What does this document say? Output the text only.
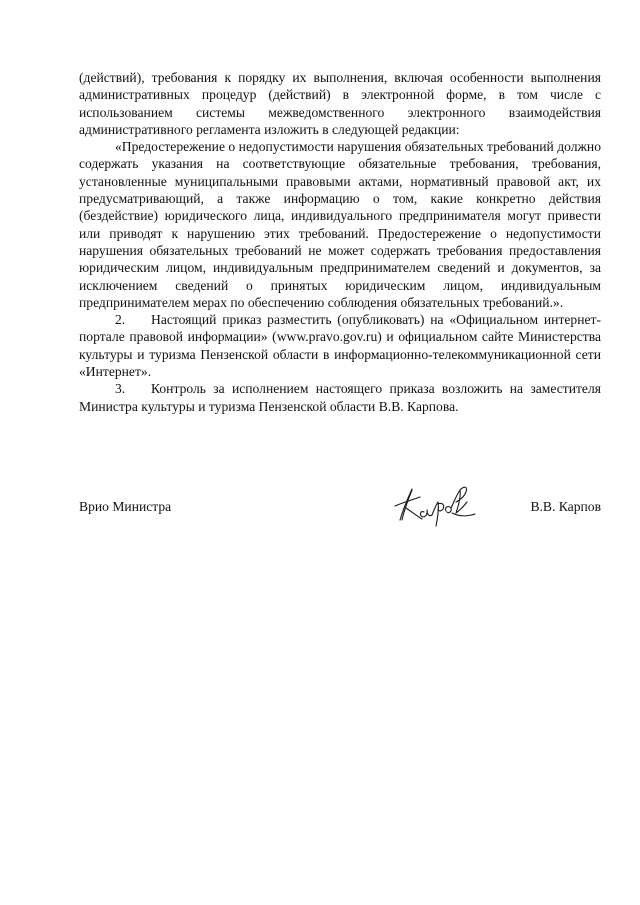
(действий), требования к порядку их выполнения, включая особенности выполнения административных процедур (действий) в электронной форме, в том числе с использованием системы межведомственного электронного взаимодействия административного регламента изложить в следующей редакции:

«Предостережение о недопустимости нарушения обязательных требований должно содержать указания на соответствующие обязательные требования, требования, установленные муниципальными правовыми актами, нормативный правовой акт, их предусматривающий, а также информацию о том, какие конкретно действия (бездействие) юридического лица, индивидуального предпринимателя могут привести или приводят к нарушению этих требований. Предостережение о недопустимости нарушения обязательных требований не может содержать требования предоставления юридическим лицом, индивидуальным предпринимателем сведений и документов, за исключением сведений о принятых юридическим лицом, индивидуальным предпринимателем мерах по обеспечению соблюдения обязательных требований.».

2. Настоящий приказ разместить (опубликовать) на «Официальном интернет-портале правовой информации» (www.pravo.gov.ru) и официальном сайте Министерства культуры и туризма Пензенской области в информационно-телекоммуникационной сети «Интернет».

3. Контроль за исполнением настоящего приказа возложить на заместителя Министра культуры и туризма Пензенской области В.В. Карпова.

Врио Министра	В.В. Карпов
